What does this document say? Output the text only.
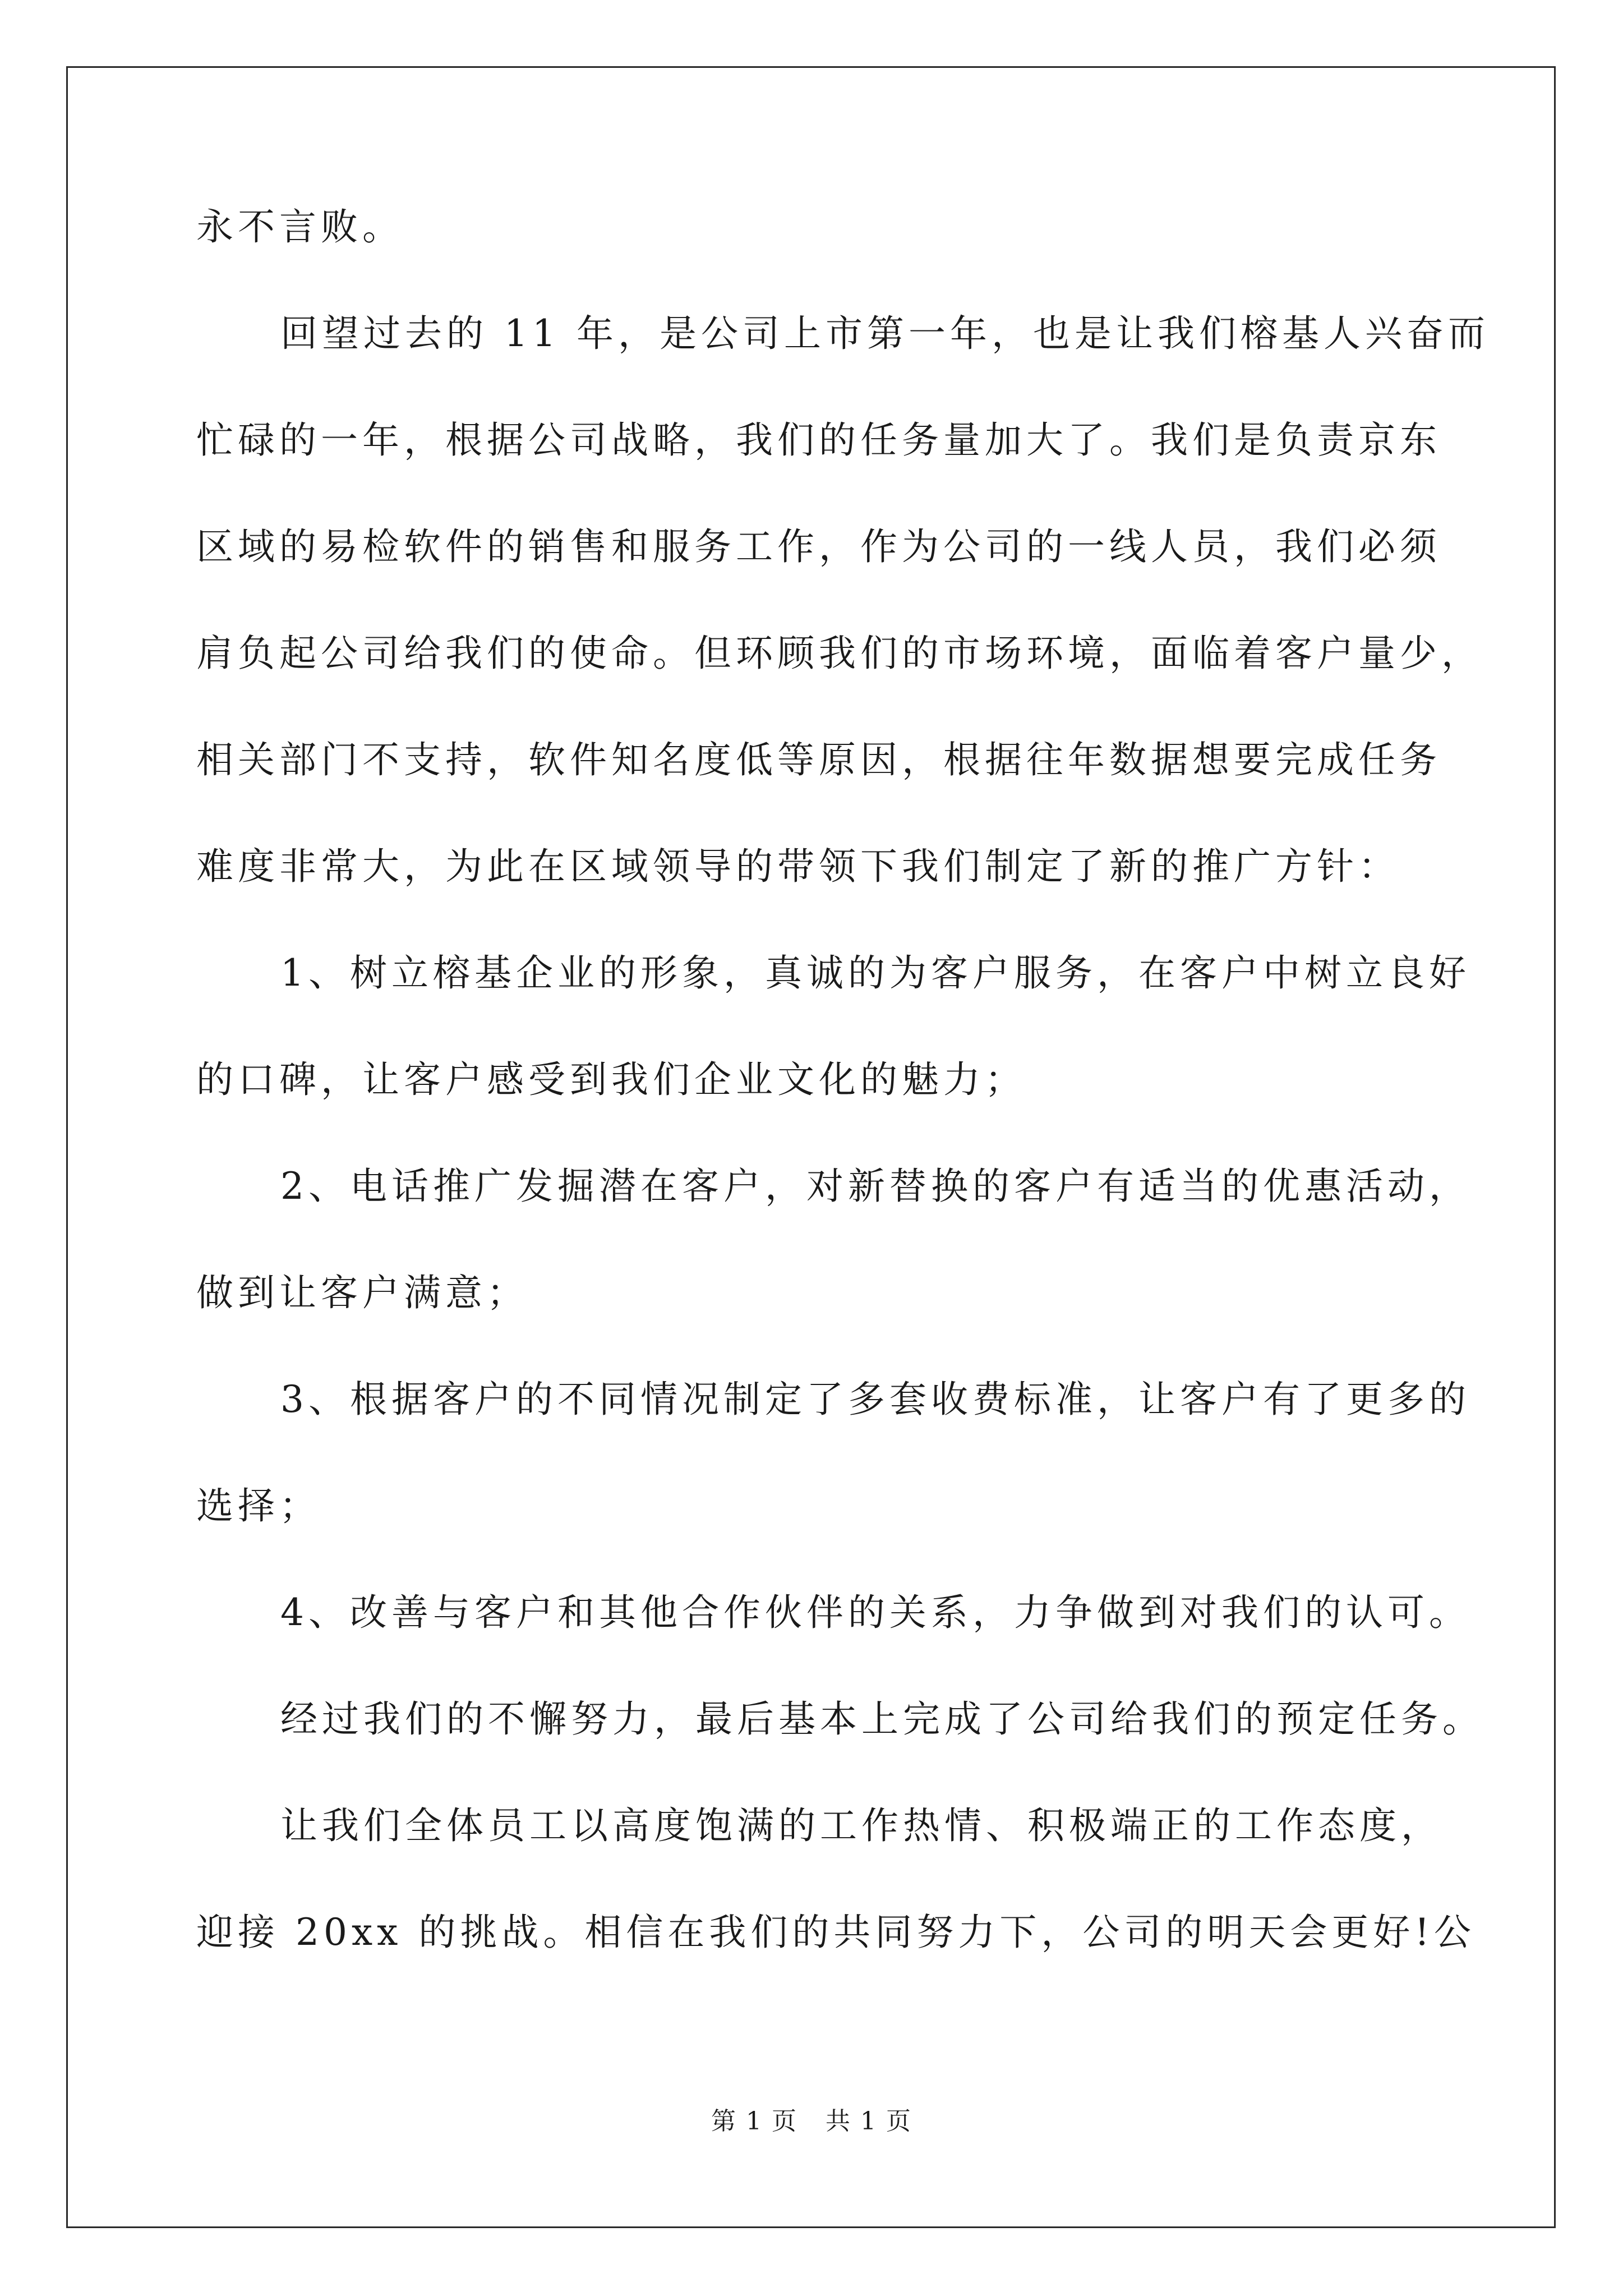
永不言败。
回望过去的 11 年，是公司上市第一年，也是让我们榕基人兴奋而
忙碌的一年，根据公司战略，我们的任务量加大了。我们是负责京东
区域的易检软件的销售和服务工作，作为公司的一线人员，我们必须
肩负起公司给我们的使命。但环顾我们的市场环境，面临着客户量少，
相关部门不支持，软件知名度低等原因，根据往年数据想要完成任务
难度非常大，为此在区域领导的带领下我们制定了新的推广方针：
1、树立榕基企业的形象，真诚的为客户服务，在客户中树立良好
的口碑，让客户感受到我们企业文化的魅力；
2、电话推广发掘潜在客户，对新替换的客户有适当的优惠活动，
做到让客户满意；
3、根据客户的不同情况制定了多套收费标准，让客户有了更多的
选择；
4、改善与客户和其他合作伙伴的关系，力争做到对我们的认可。
经过我们的不懈努力，最后基本上完成了公司给我们的预定任务。
让我们全体员工以高度饱满的工作热情、积极端正的工作态度，
迎接 20xx 的挑战。相信在我们的共同努力下，公司的明天会更好!公
第 1 页 共 1 页
